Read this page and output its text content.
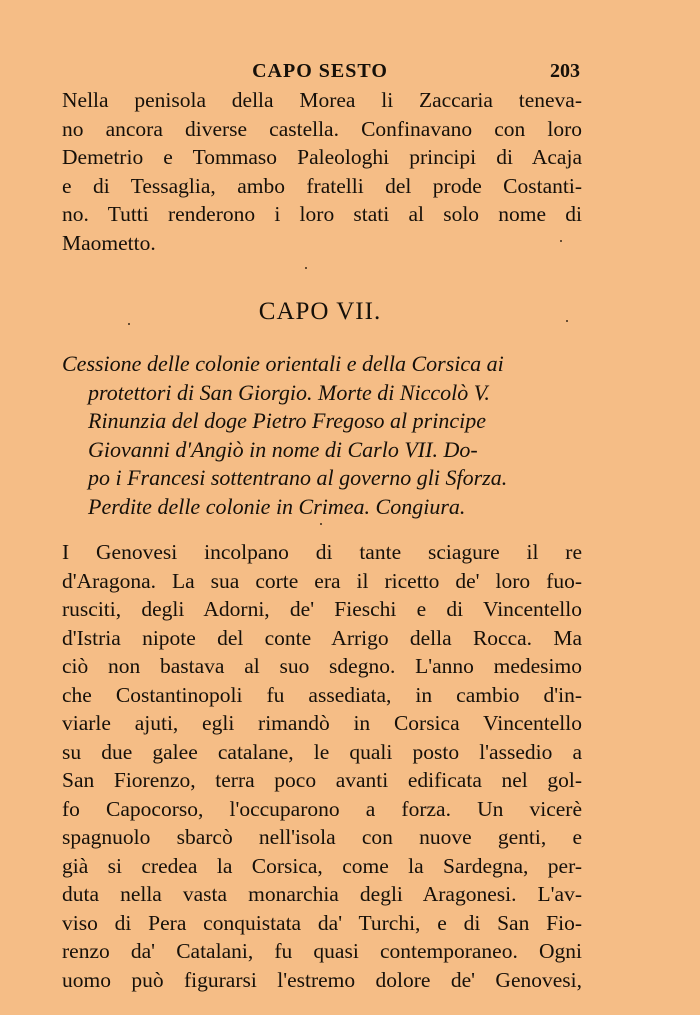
CAPO SESTO	203
Nella penisola della Morea li Zaccaria teneva-
no ancora diverse castella. Confinavano con loro
Demetrio e Tommaso Paleologhi principi di Acaja
e di Tessaglia, ambo fratelli del prode Costanti-
no. Tutti renderono i loro stati al solo nome di
Maometto.
CAPO VII.
Cessione delle colonie orientali e della Corsica ai
protettori di San Giorgio. Morte di Niccolò V.
Rinunzia del doge Pietro Fregoso al principe
Giovanni d'Angiò in nome di Carlo VII. Do-
po i Francesi sottentrano al governo gli Sforza.
Perdite delle colonie in Crimea. Congiura.
I Genovesi incolpano di tante sciagure il re
d'Aragona. La sua corte era il ricetto de' loro fuo-
rusciti, degli Adorni, de' Fieschi e di Vincentello
d'Istria nipote del conte Arrigo della Rocca. Ma
ciò non bastava al suo sdegno. L'anno medesimo
che Costantinopoli fu assediata, in cambio d'in-
viarle ajuti, egli rimandò in Corsica Vincentello
su due galee catalane, le quali posto l'assedio a
San Fiorenzo, terra poco avanti edificata nel gol-
fo Capocorso, l'occuparono a forza. Un vicerè
spagnuolo sbarcò nell'isola con nuove genti, e
già si credea la Corsica, come la Sardegna, per-
duta nella vasta monarchia degli Aragonesi. L'av-
viso di Pera conquistata da' Turchi, e di San Fio-
renzo da' Catalani, fu quasi contemporaneo. Ogni
uomo può figurarsi l'estremo dolore de' Genovesi,
